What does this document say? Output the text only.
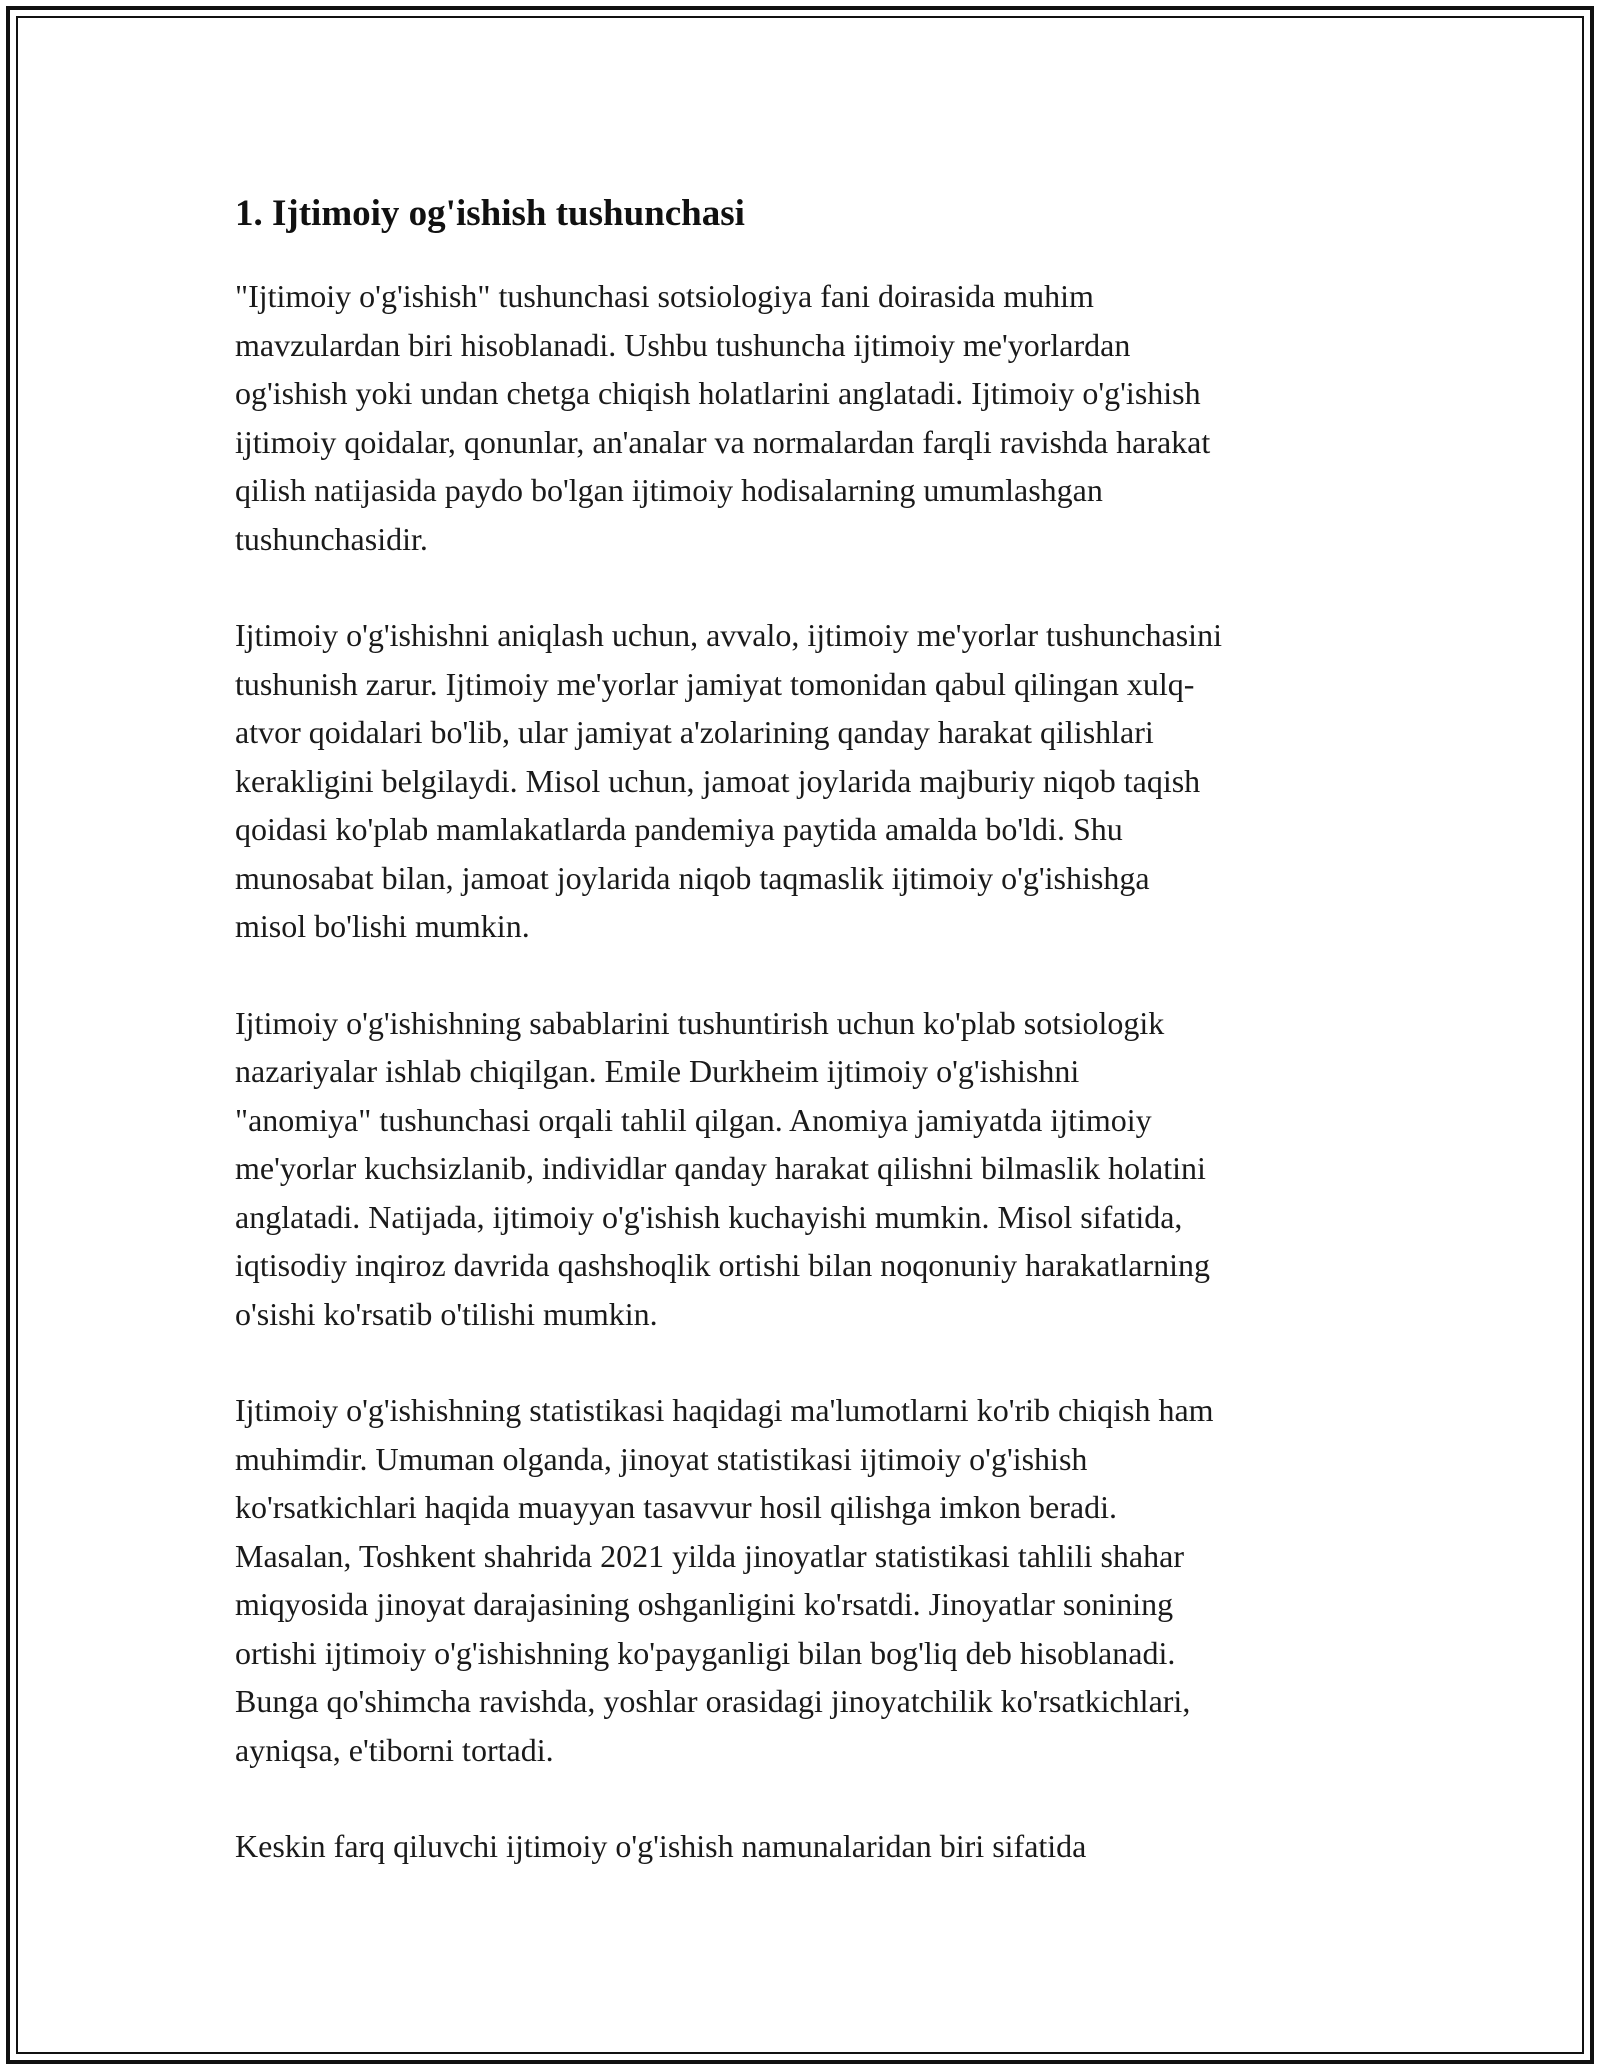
1. Ijtimoiy og'ishish tushunchasi

"Ijtimoiy o'g'ishish" tushunchasi sotsiologiya fani doirasida muhim
mavzulardan biri hisoblanadi. Ushbu tushuncha ijtimoiy me'yorlardan
og'ishish yoki undan chetga chiqish holatlarini anglatadi. Ijtimoiy o'g'ishish
ijtimoiy qoidalar, qonunlar, an'analar va normalardan farqli ravishda harakat
qilish natijasida paydo bo'lgan ijtimoiy hodisalarning umumlashgan
tushunchasidir.

Ijtimoiy o'g'ishishni aniqlash uchun, avvalo, ijtimoiy me'yorlar tushunchasini
tushunish zarur. Ijtimoiy me'yorlar jamiyat tomonidan qabul qilingan xulq-
atvor qoidalari bo'lib, ular jamiyat a'zolarining qanday harakat qilishlari
kerakligini belgilaydi. Misol uchun, jamoat joylarida majburiy niqob taqish
qoidasi ko'plab mamlakatlarda pandemiya paytida amalda bo'ldi. Shu
munosabat bilan, jamoat joylarida niqob taqmaslik ijtimoiy o'g'ishishga
misol bo'lishi mumkin.

Ijtimoiy o'g'ishishning sabablarini tushuntirish uchun ko'plab sotsiologik
nazariyalar ishlab chiqilgan. Emile Durkheim ijtimoiy o'g'ishishni
"anomiya" tushunchasi orqali tahlil qilgan. Anomiya jamiyatda ijtimoiy
me'yorlar kuchsizlanib, individlar qanday harakat qilishni bilmaslik holatini
anglatadi. Natijada, ijtimoiy o'g'ishish kuchayishi mumkin. Misol sifatida,
iqtisodiy inqiroz davrida qashshoqlik ortishi bilan noqonuniy harakatlarning
o'sishi ko'rsatib o'tilishi mumkin.

Ijtimoiy o'g'ishishning statistikasi haqidagi ma'lumotlarni ko'rib chiqish ham
muhimdir. Umuman olganda, jinoyat statistikasi ijtimoiy o'g'ishish
ko'rsatkichlari haqida muayyan tasavvur hosil qilishga imkon beradi.
Masalan, Toshkent shahrida 2021 yilda jinoyatlar statistikasi tahlili shahar
miqyosida jinoyat darajasining oshganligini ko'rsatdi. Jinoyatlar sonining
ortishi ijtimoiy o'g'ishishning ko'payganligi bilan bog'liq deb hisoblanadi.
Bunga qo'shimcha ravishda, yoshlar orasidagi jinoyatchilik ko'rsatkichlari,
ayniqsa, e'tiborni tortadi.

Keskin farq qiluvchi ijtimoiy o'g'ishish namunalaridan biri sifatida
